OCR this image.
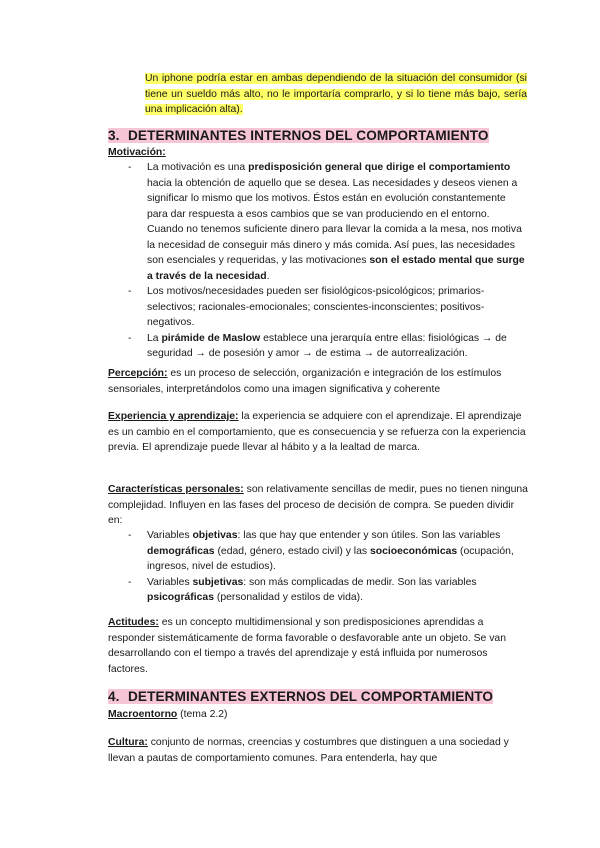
Un iphone podría estar en ambas dependiendo de la situación del consumidor (si tiene un sueldo más alto, no le importaría comprarlo, y si lo tiene más bajo, sería una implicación alta).

3. DETERMINANTES INTERNOS DEL COMPORTAMIENTO

Motivación:

- La motivación es una predisposición general que dirige el comportamiento hacia la obtención de aquello que se desea. Las necesidades y deseos vienen a significar lo mismo que los motivos. Éstos están en evolución constantemente para dar respuesta a esos cambios que se van produciendo en el entorno. Cuando no tenemos suficiente dinero para llevar la comida a la mesa, nos motiva la necesidad de conseguir más dinero y más comida. Así pues, las necesidades son esenciales y requeridas, y las motivaciones son el estado mental que surge a través de la necesidad.
- Los motivos/necesidades pueden ser fisiológicos-psicológicos; primarios-selectivos; racionales-emocionales; conscientes-inconscientes; positivos-negativos.
- La pirámide de Maslow establece una jerarquía entre ellas: fisiológicas → de seguridad → de posesión y amor → de estima → de autorrealización.

Percepción: es un proceso de selección, organización e integración de los estímulos sensoriales, interpretándolos como una imagen significativa y coherente

Experiencia y aprendizaje: la experiencia se adquiere con el aprendizaje. El aprendizaje es un cambio en el comportamiento, que es consecuencia y se refuerza con la experiencia previa. El aprendizaje puede llevar al hábito y a la lealtad de marca.

Características personales: son relativamente sencillas de medir, pues no tienen ninguna complejidad. Influyen en las fases del proceso de decisión de compra. Se pueden dividir en:

- Variables objetivas: las que hay que entender y son útiles. Son las variables demográficas (edad, género, estado civil) y las socioeconómicas (ocupación, ingresos, nivel de estudios).
- Variables subjetivas: son más complicadas de medir. Son las variables psicográficas (personalidad y estilos de vida).

Actitudes: es un concepto multidimensional y son predisposiciones aprendidas a responder sistemáticamente de forma favorable o desfavorable ante un objeto. Se van desarrollando con el tiempo a través del aprendizaje y está influida por numerosos factores.

4. DETERMINANTES EXTERNOS DEL COMPORTAMIENTO

Macroentorno (tema 2.2)

Cultura: conjunto de normas, creencias y costumbres que distinguen a una sociedad y llevan a pautas de comportamiento comunes. Para entenderla, hay que
